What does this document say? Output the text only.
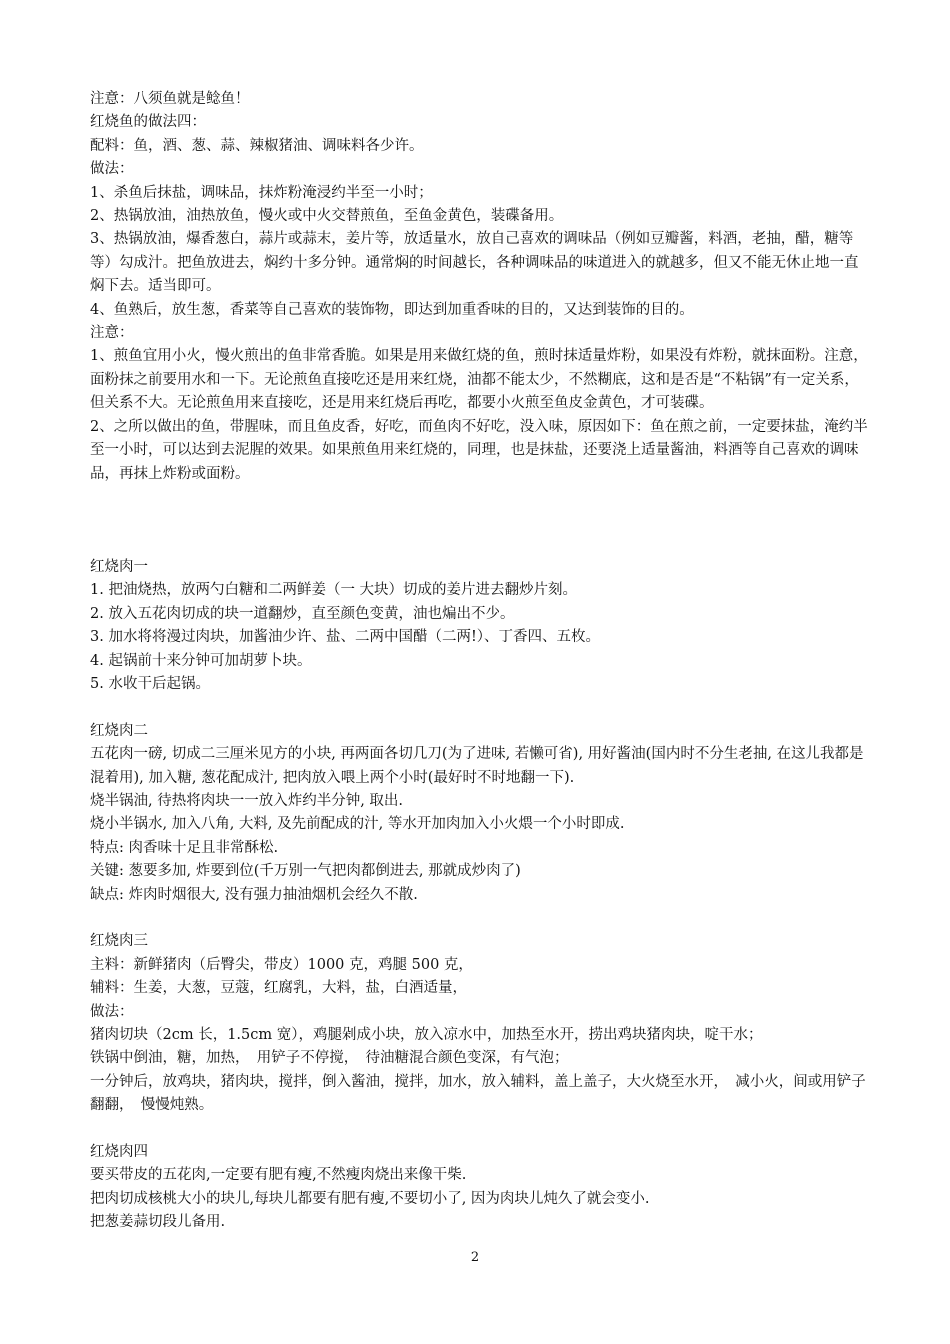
注意：八须鱼就是鲶鱼！

红烧鱼的做法四：

配料：鱼，酒、葱、蒜、辣椒猪油、调味料各少许。

做法：

1、杀鱼后抹盐，调味品，抹炸粉淹浸约半至一小时；

2、热锅放油，油热放鱼，慢火或中火交替煎鱼，至鱼金黄色，装碟备用。

3、热锅放油，爆香葱白，蒜片或蒜末，姜片等，放适量水，放自己喜欢的调味品（例如豆瓣酱，料酒，老抽，醋，糖等等）勾成汁。把鱼放进去，焖约十多分钟。通常焖的时间越长，各种调味品的味道进入的就越多，但又不能无休止地一直焖下去。适当即可。

4、鱼熟后，放生葱，香菜等自己喜欢的装饰物，即达到加重香味的目的，又达到装饰的目的。

注意：

1、煎鱼宜用小火，慢火煎出的鱼非常香脆。如果是用来做红烧的鱼，煎时抹适量炸粉，如果没有炸粉，就抹面粉。注意，面粉抹之前要用水和一下。无论煎鱼直接吃还是用来红烧，油都不能太少，不然糊底，这和是否是“不粘锅”有一定关系，但关系不大。无论煎鱼用来直接吃，还是用来红烧后再吃，都要小火煎至鱼皮金黄色，才可装碟。

2、之所以做出的鱼，带腥味，而且鱼皮香，好吃，而鱼肉不好吃，没入味，原因如下：鱼在煎之前，一定要抹盐，淹约半至一小时，可以达到去泥腥的效果。如果煎鱼用来红烧的，同理，也是抹盐，还要浇上适量酱油，料酒等自己喜欢的调味品，再抹上炸粉或面粉。

红烧肉一

1. 把油烧热，放两勺白糖和二两鲜姜（一 大块）切成的姜片进去翻炒片刻。

2. 放入五花肉切成的块一道翻炒，直至颜色变黄，油也煸出不少。

3. 加水将将漫过肉块，加酱油少许、盐、二两中国醋（二两!）、丁香四、五枚。

4. 起锅前十来分钟可加胡萝卜块。

5. 水收干后起锅。

红烧肉二

五花肉一磅, 切成二三厘米见方的小块, 再两面各切几刀(为了进味, 若懒可省), 用好酱油(国内时不分生老抽, 在这儿我都是混着用), 加入糖, 葱花配成汁, 把肉放入喂上两个小时(最好时不时地翻一下).

烧半锅油, 待热将肉块一一放入炸约半分钟, 取出.

烧小半锅水, 加入八角, 大料, 及先前配成的汁, 等水开加肉加入小火煨一个小时即成.

特点: 肉香味十足且非常酥松.

关键: 葱要多加, 炸要到位(千万别一气把肉都倒进去, 那就成炒肉了)

缺点: 炸肉时烟很大, 没有强力抽油烟机会经久不散.

红烧肉三

主料：新鲜猪肉（后臀尖，带皮）1000 克，鸡腿 500 克，

辅料：生姜，大葱，豆蔻，红腐乳，大料，盐，白酒适量，

做法：

猪肉切块（2cm 长，1.5cm 宽），鸡腿剁成小块，放入凉水中，加热至水开，捞出鸡块猪肉块，啶干水；

铁锅中倒油，糖，加热，　用铲子不停搅，　待油糖混合颜色变深，有气泡；

一分钟后，放鸡块，猪肉块，搅拌，倒入酱油，搅拌，加水，放入辅料，盖上盖子，大火烧至水开，　减小火，间或用铲子翻翻，　慢慢炖熟。

红烧肉四

要买带皮的五花肉,一定要有肥有瘦,不然瘦肉烧出来像干柴.

把肉切成核桃大小的块儿,每块儿都要有肥有瘦,不要切小了, 因为肉块儿炖久了就会变小.

把葱姜蒜切段儿备用.

2
